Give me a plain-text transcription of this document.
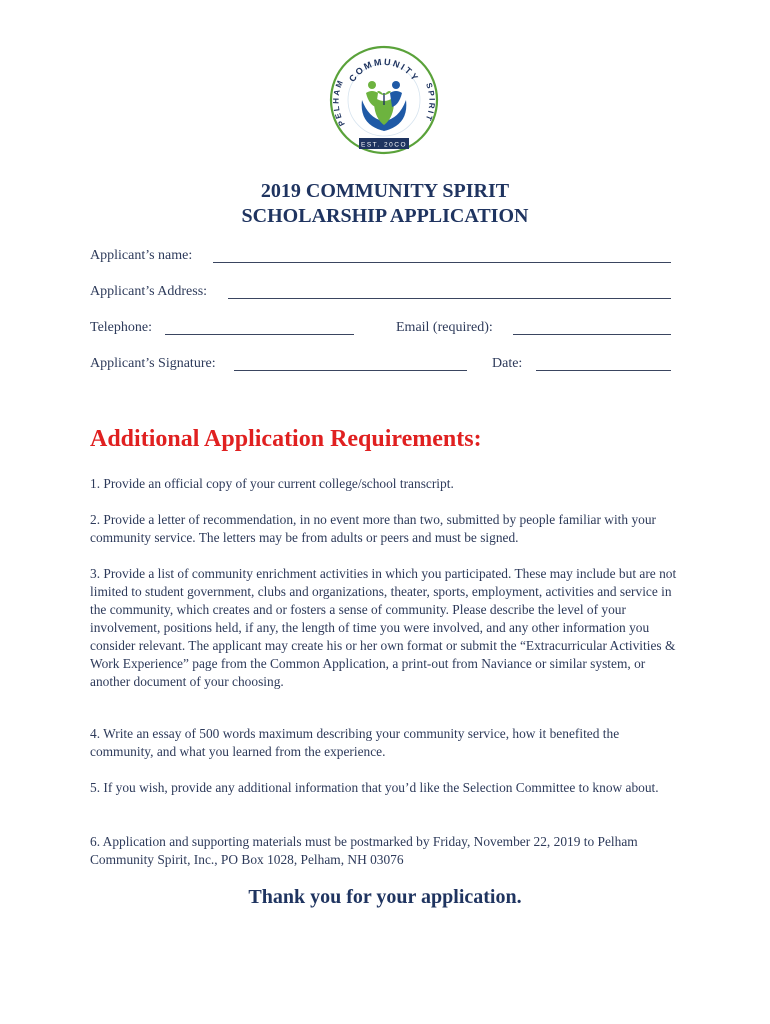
COMMUNITY
PELHAM	SPIRIT
EST. 20CO
2019 COMMUNITY SPIRIT
SCHOLARSHIP APPLICATION
Applicant’s name:
Applicant’s Address:
Telephone:	Email (required):
Applicant’s Signature:	Date:
Additional Application Requirements:
1. Provide an official copy of your current college/school transcript.
2. Provide a letter of recommendation, in no event more than two, submitted by people familiar with your community service. The letters may be from adults or peers and must be signed.
3. Provide a list of community enrichment activities in which you participated. These may include but are not limited to student government, clubs and organizations, theater, sports, employment, activities and service in the community, which creates and or fosters a sense of community. Please describe the level of your involvement, positions held, if any, the length of time you were involved, and any other information you consider relevant. The applicant may create his or her own format or submit the “Extracurricular Activities & Work Experience” page from the Common Application, a print-out from Naviance or similar system, or another document of your choosing.
4. Write an essay of 500 words maximum describing your community service, how it benefited the community, and what you learned from the experience.
5. If you wish, provide any additional information that you’d like the Selection Committee to know about.
6. Application and supporting materials must be postmarked by Friday, November 22, 2019 to Pelham Community Spirit, Inc., PO Box 1028, Pelham, NH 03076
Thank you for your application.
